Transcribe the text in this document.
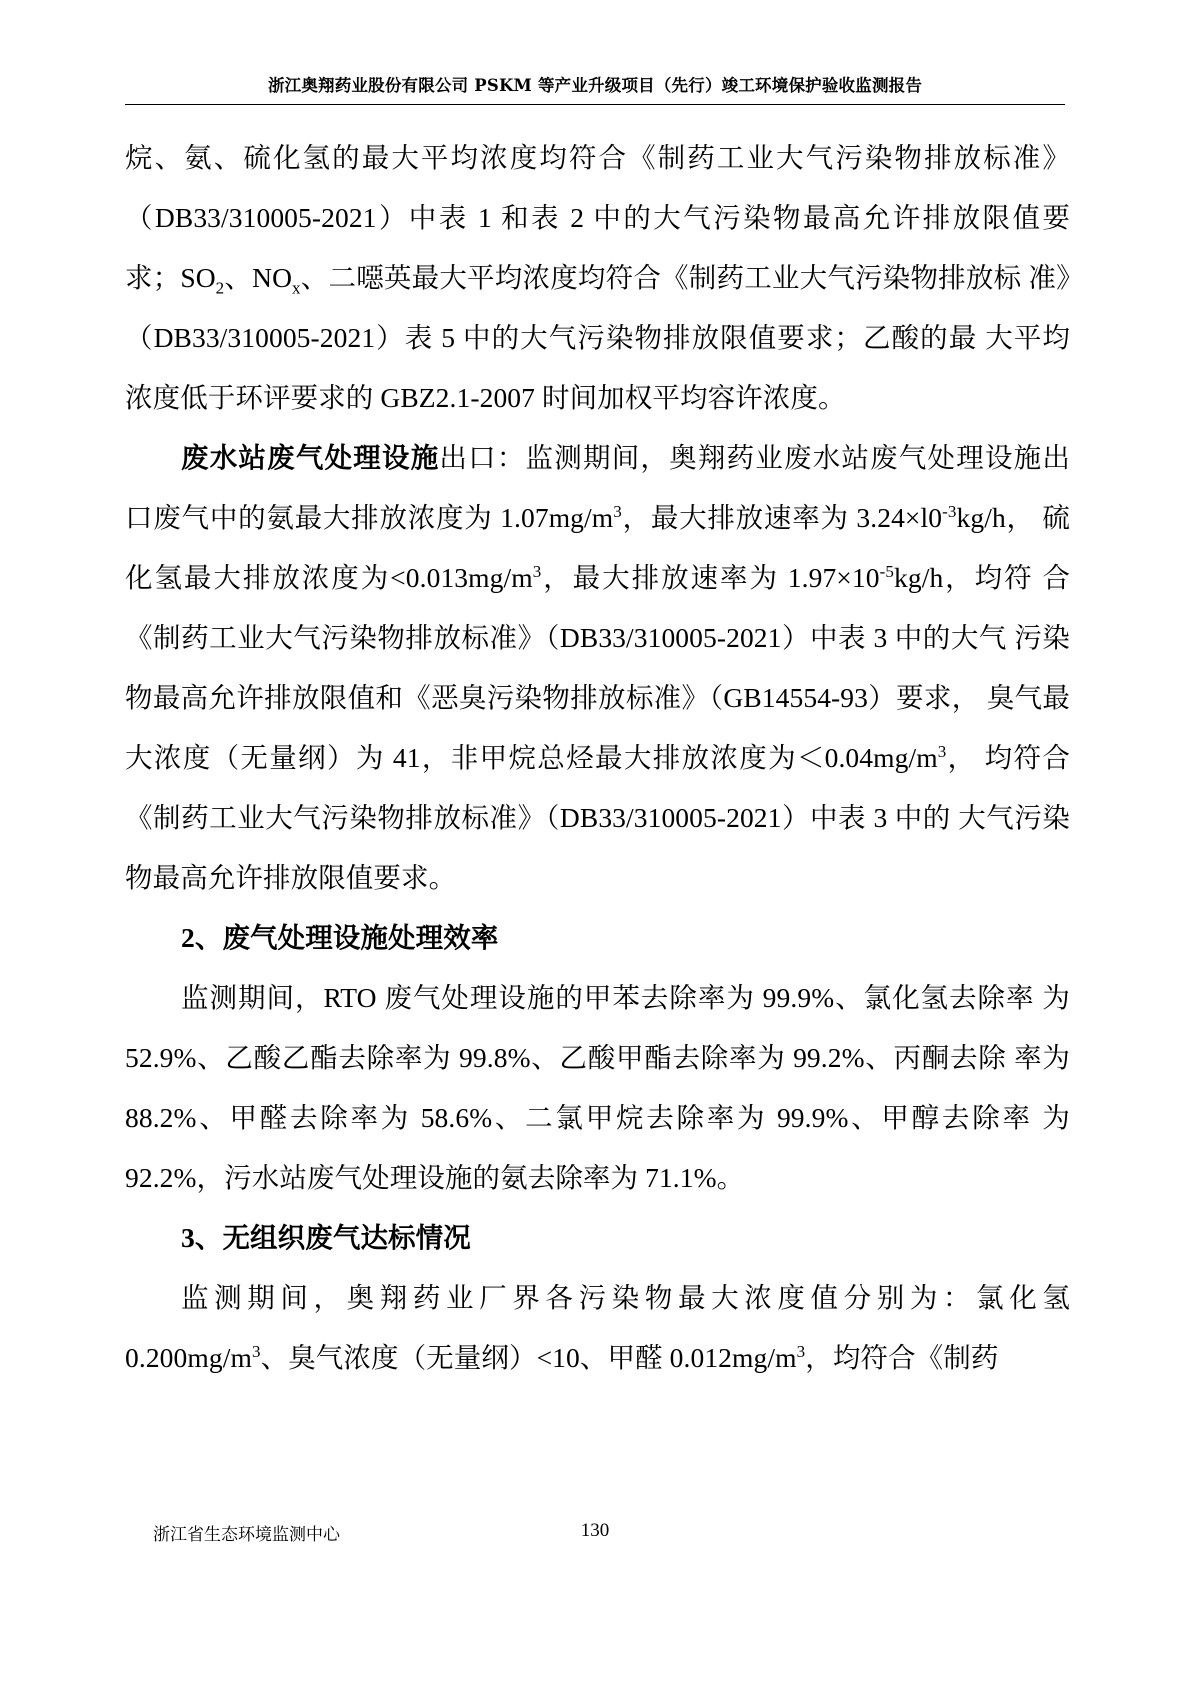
浙江奥翔药业股份有限公司 PSKM 等产业升级项目（先行）竣工环境保护验收监测报告

烷、氨、硫化氢的最大平均浓度均符合《制药工业大气污染物排放标准》 （DB33/310005-2021）中表 1 和表 2 中的大气污染物最高允许排放限值要 求；$SO_2$、$NO_x$、二噁英最大平均浓度均符合《制药工业大气污染物排放标 准》（DB33/310005-2021）表 5 中的大气污染物排放限值要求；乙酸的最 大平均浓度低于环评要求的 GBZ2.1-2007 时间加权平均容许浓度。

废水站废气处理设施出口：监测期间，奥翔药业废水站废气处理设施出 口废气中的氨最大排放浓度为 $1.07mg/m^3$，最大排放速率为 $3.24\times l0^{-3}kg/h$， 硫化氢最大排放浓度为$<0.013mg/m^3$，最大排放速率为 $1.97\times 10^{-5}kg/h$，均符 合《制药工业大气污染物排放标准》（DB33/310005-2021）中表 3 中的大气 污染物最高允许排放限值和《恶臭污染物排放标准》（GB14554-93）要求， 臭气最大浓度（无量纲）为 41，非甲烷总烃最大排放浓度为$<0.04mg/m^3$， 均符合《制药工业大气污染物排放标准》（DB33/310005-2021）中表 3 中的 大气污染物最高允许排放限值要求。

2、废气处理设施处理效率

监测期间，RTO 废气处理设施的甲苯去除率为 99.9%、氯化氢去除率 为 52.9%、乙酸乙酯去除率为 99.8%、乙酸甲酯去除率为 99.2%、丙酮去除 率为 88.2%、甲醛去除率为 58.6%、二氯甲烷去除率为 99.9%、甲醇去除率 为 92.2%，污水站废气处理设施的氨去除率为 71.1%。

3、无组织废气达标情况

监测期间，奥翔药业厂界各污染物最大浓度值分别为：氯化氢 $0.200mg/m^3$、臭气浓度（无量纲）<10、甲醛 $0.012mg/m^3$，均符合《制药

浙江省生态环境监测中心	130
